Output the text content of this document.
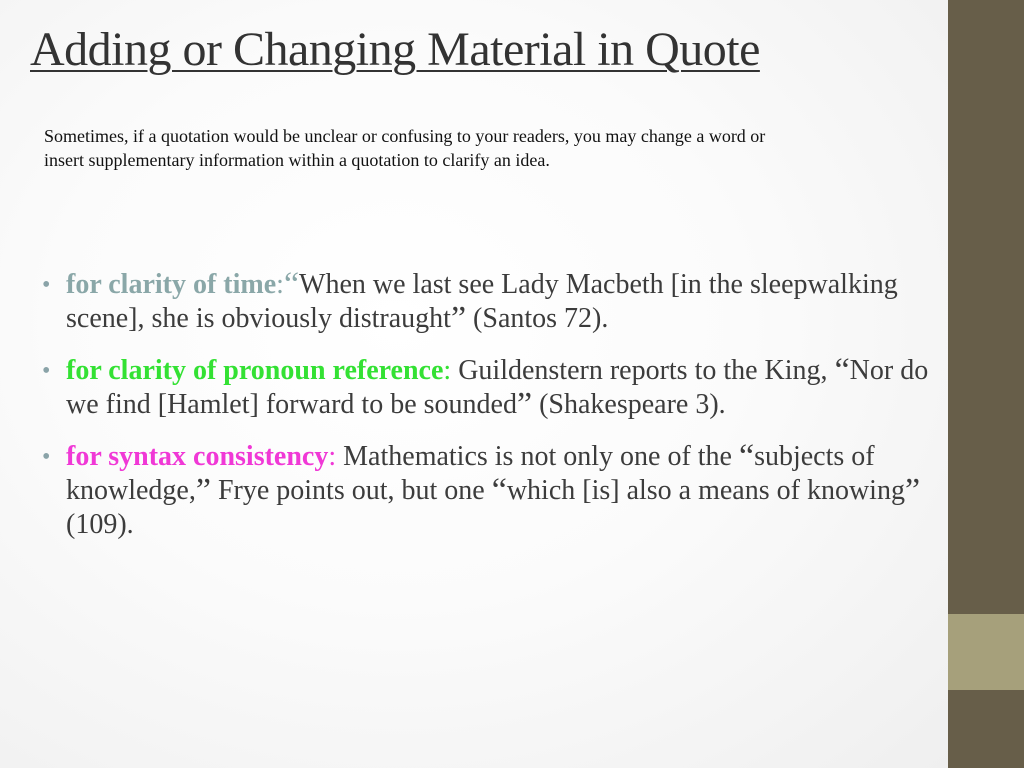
Adding or Changing Material in Quote

Sometimes, if a quotation would be unclear or confusing to your readers, you may change a word or insert supplementary information within a quotation to clarify an idea.

• for clarity of time:“When we last see Lady Macbeth [in the sleepwalking scene], she is obviously distraught” (Santos 72).
• for clarity of pronoun reference: Guildenstern reports to the King, “Nor do we find [Hamlet] forward to be sounded” (Shakespeare 3).
• for syntax consistency: Mathematics is not only one of the “subjects of knowledge,” Frye points out, but one “which [is] also a means of knowing” (109).
